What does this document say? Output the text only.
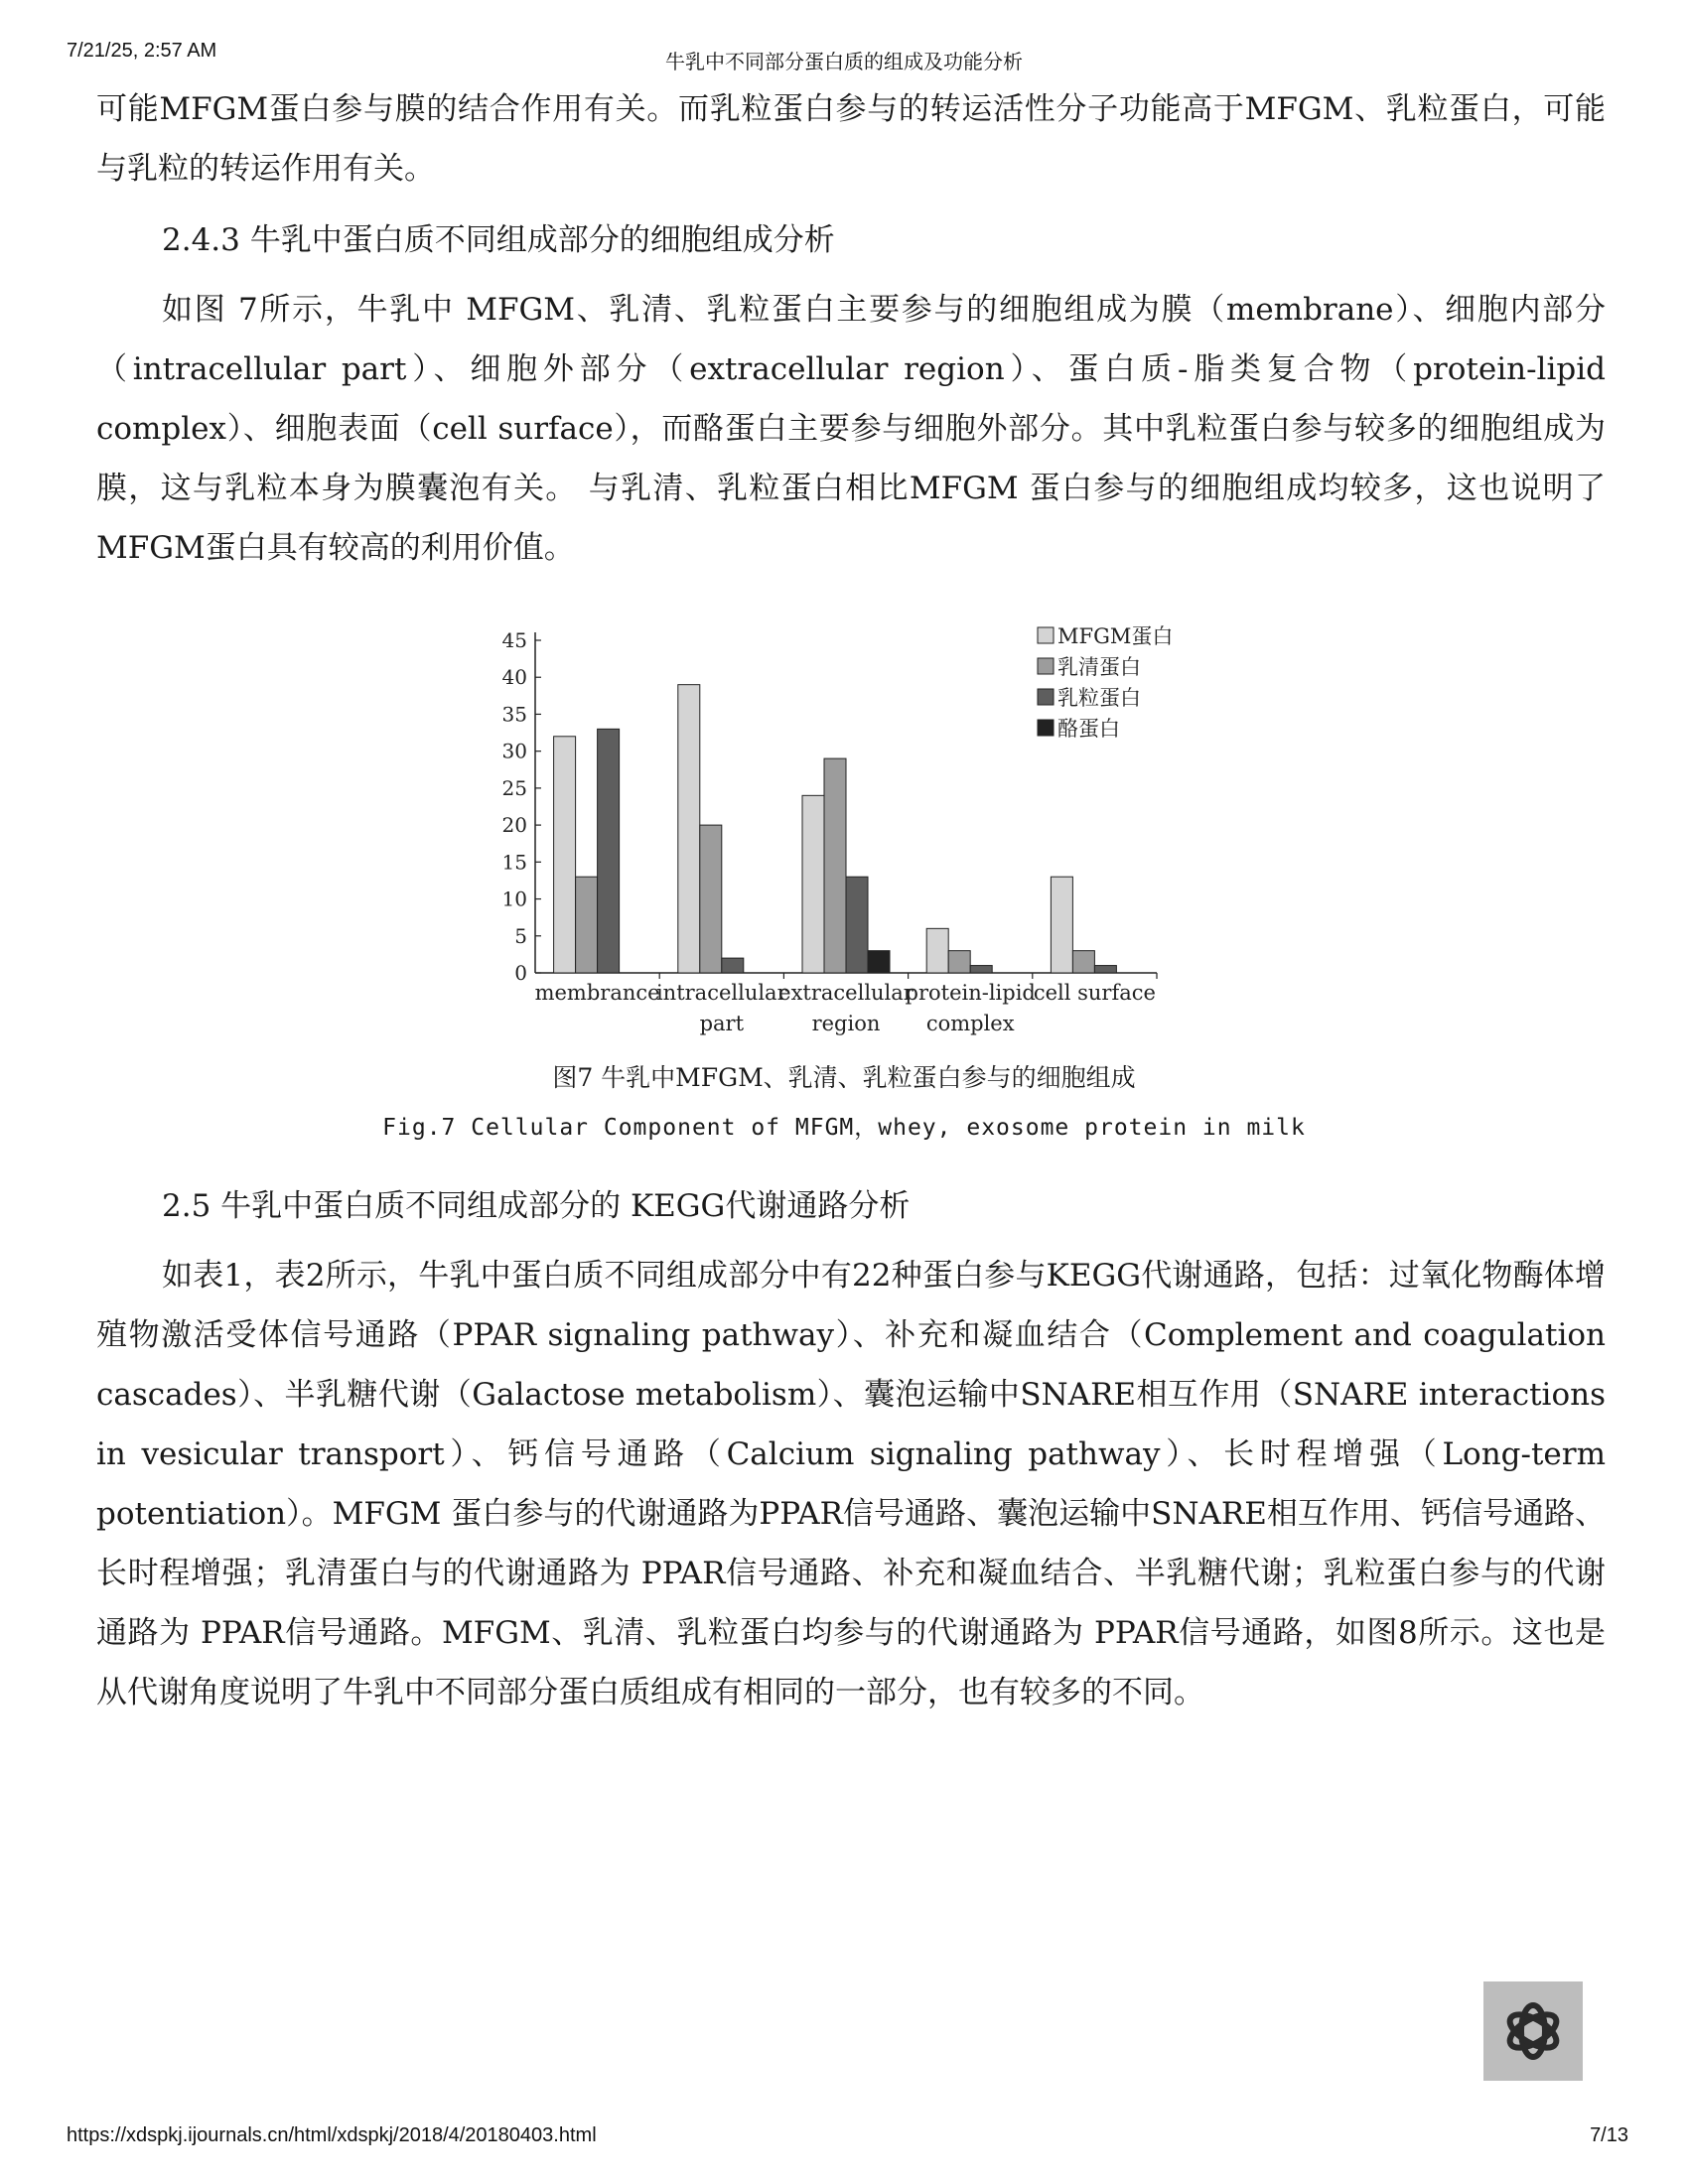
7/21/25, 2:57 AM
牛乳中不同部分蛋白质的组成及功能分析

可能MFGM蛋白参与膜的结合作用有关。而乳粒蛋白参与的转运活性分子功能高于MFGM、乳粒蛋白，可能与乳粒的转运作用有关。

2.4.3 牛乳中蛋白质不同组成部分的细胞组成分析

如图 7所示，牛乳中 MFGM、乳清、乳粒蛋白主要参与的细胞组成为膜（membrane）、细胞内部分（intracellular part）、细胞外部分（extracellular region）、蛋白质-脂类复合物（protein-lipid complex）、细胞表面（cell surface），而酪蛋白主要参与细胞外部分。其中乳粒蛋白参与较多的细胞组成为膜，这与乳粒本身为膜囊泡有关。 与乳清、乳粒蛋白相比MFGM 蛋白参与的细胞组成均较多，这也说明了MFGM蛋白具有较高的利用价值。

0
5
10
15
20
25
30
35
40
45
membrance
intracellular
part
extracellular
region
protein-lipid
complex
cell surface
MFGM蛋白
乳清蛋白
乳粒蛋白
酪蛋白
图7 牛乳中MFGM、乳清、乳粒蛋白参与的细胞组成
Fig.7 Cellular Component of MFGM，whey, exosome protein in milk
2.5 牛乳中蛋白质不同组成部分的 KEGG代谢通路分析

如表1，表2所示，牛乳中蛋白质不同组成部分中有22种蛋白参与KEGG代谢通路，包括：过氧化物酶体增殖物激活受体信号通路（PPAR signaling pathway）、补充和凝血结合（Complement and coagulation cascades）、半乳糖代谢（Galactose metabolism）、囊泡运输中SNARE相互作用（SNARE interactions in vesicular transport）、钙信号通路（Calcium signaling pathway）、长时程增强（Long-term potentiation）。MFGM 蛋白参与的代谢通路为PPAR信号通路、囊泡运输中SNARE相互作用、钙信号通路、长时程增强；乳清蛋白与的代谢通路为 PPAR信号通路、补充和凝血结合、半乳糖代谢；乳粒蛋白参与的代谢通路为 PPAR信号通路。MFGM、乳清、乳粒蛋白均参与的代谢通路为 PPAR信号通路，如图8所示。这也是从代谢角度说明了牛乳中不同部分蛋白质组成有相同的一部分，也有较多的不同。

https://xdspkj.ijournals.cn/html/xdspkj/2018/4/20180403.html	7/13
